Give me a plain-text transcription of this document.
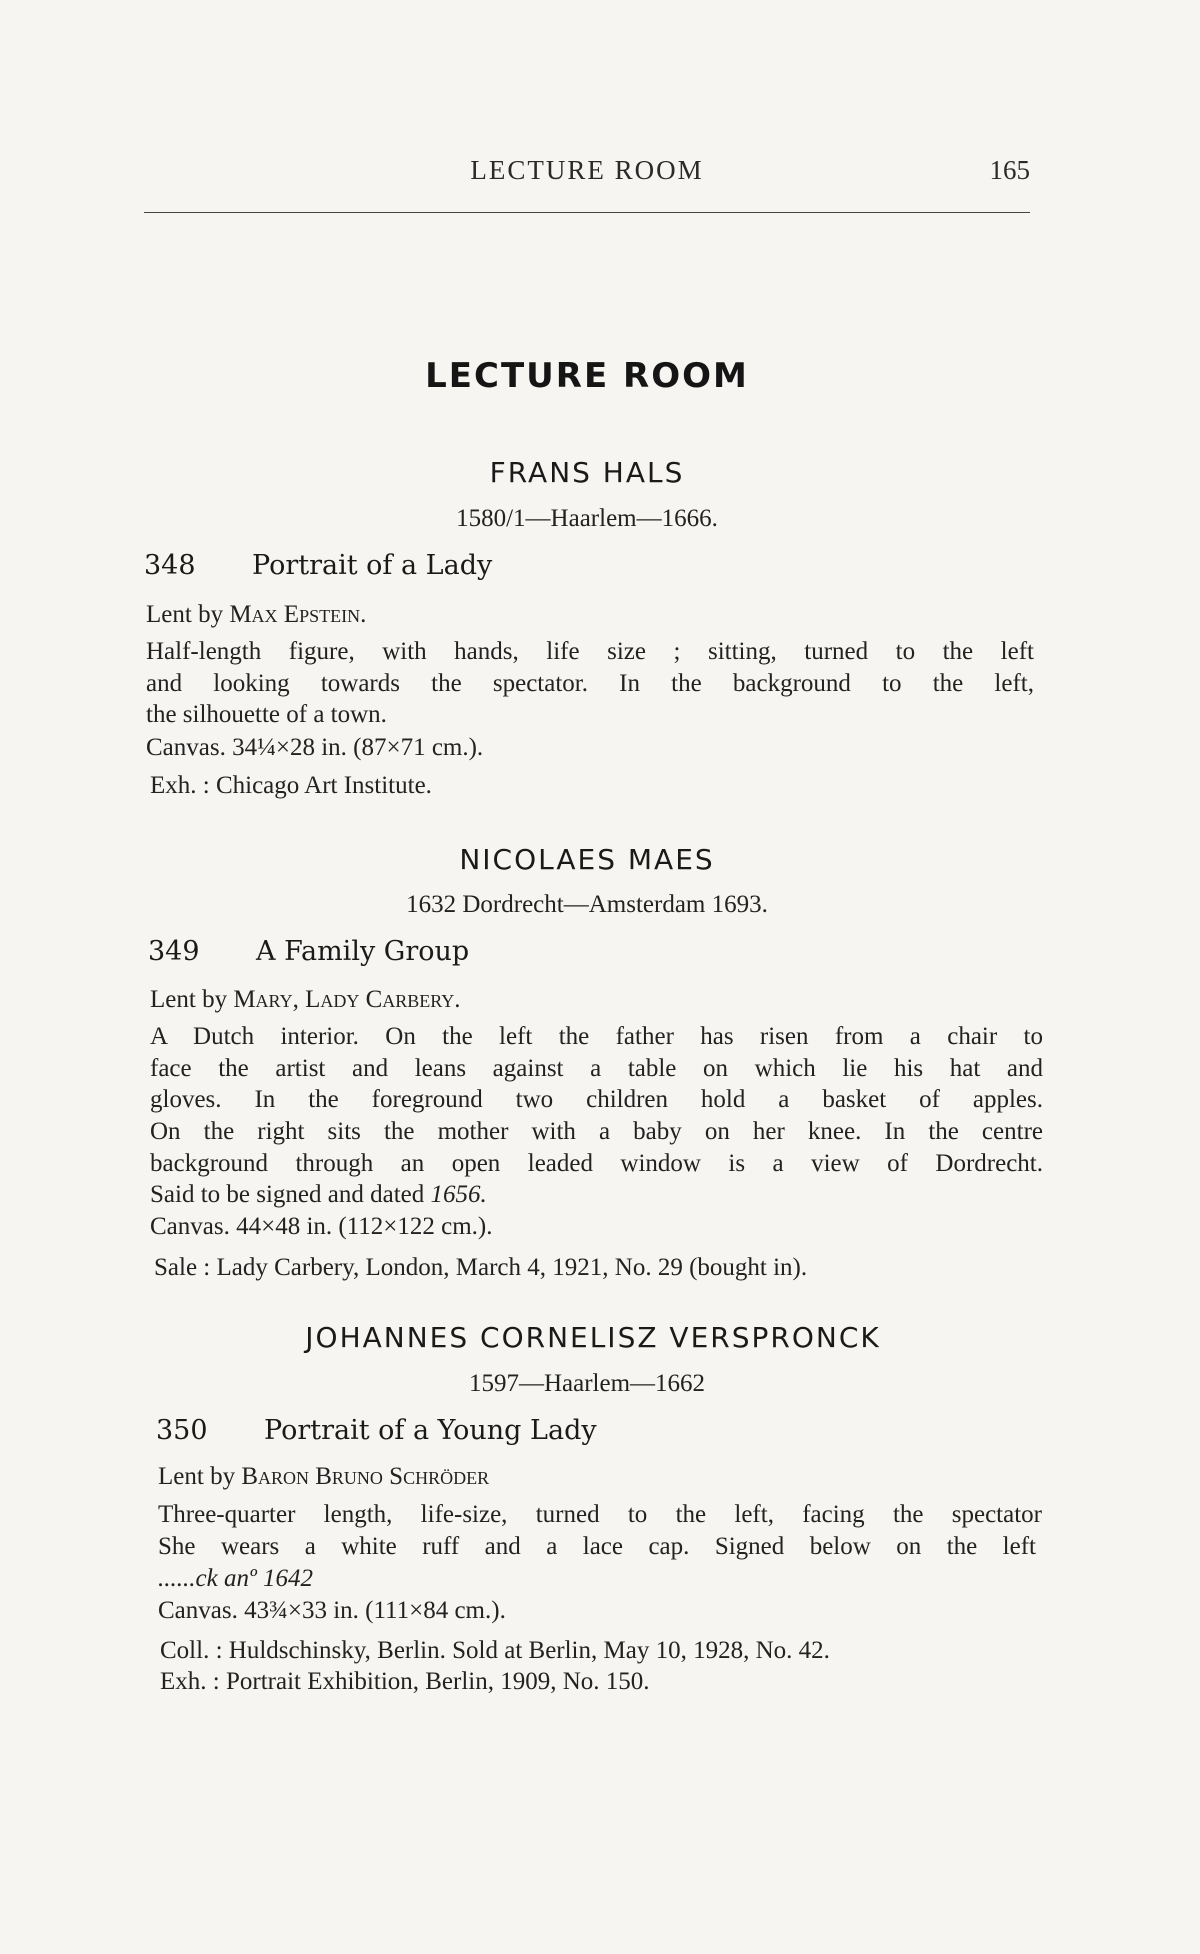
LECTURE ROOM	165
LECTURE ROOM
FRANS HALS
1580/1—Haarlem—1666.
348 Portrait of a Lady
Lent by Max Epstein.
Half-length figure, with hands, life size ; sitting, turned to the left
and looking towards the spectator. In the background to the left,
the silhouette of a town.
Canvas. 34¼×28 in. (87×71 cm.).
Exh. : Chicago Art Institute.
NICOLAES MAES
1632 Dordrecht—Amsterdam 1693.
349 A Family Group
Lent by Mary, Lady Carbery.
A Dutch interior. On the left the father has risen from a chair to
face the artist and leans against a table on which lie his hat and
gloves. In the foreground two children hold a basket of apples.
On the right sits the mother with a baby on her knee. In the centre
background through an open leaded window is a view of Dordrecht.
Said to be signed and dated 1656.
Canvas. 44×48 in. (112×122 cm.).
Sale : Lady Carbery, London, March 4, 1921, No. 29 (bought in).
JOHANNES CORNELISZ VERSPRONCK
1597—Haarlem—1662
350 Portrait of a Young Lady
Lent by Baron Bruno Schröder
Three-quarter length, life-size, turned to the left, facing the spectator
She wears a white ruff and a lace cap. Signed below on the left
......ck anº 1642
Canvas. 43¾×33 in. (111×84 cm.).
Coll. : Huldschinsky, Berlin. Sold at Berlin, May 10, 1928, No. 42.
Exh. : Portrait Exhibition, Berlin, 1909, No. 150.
